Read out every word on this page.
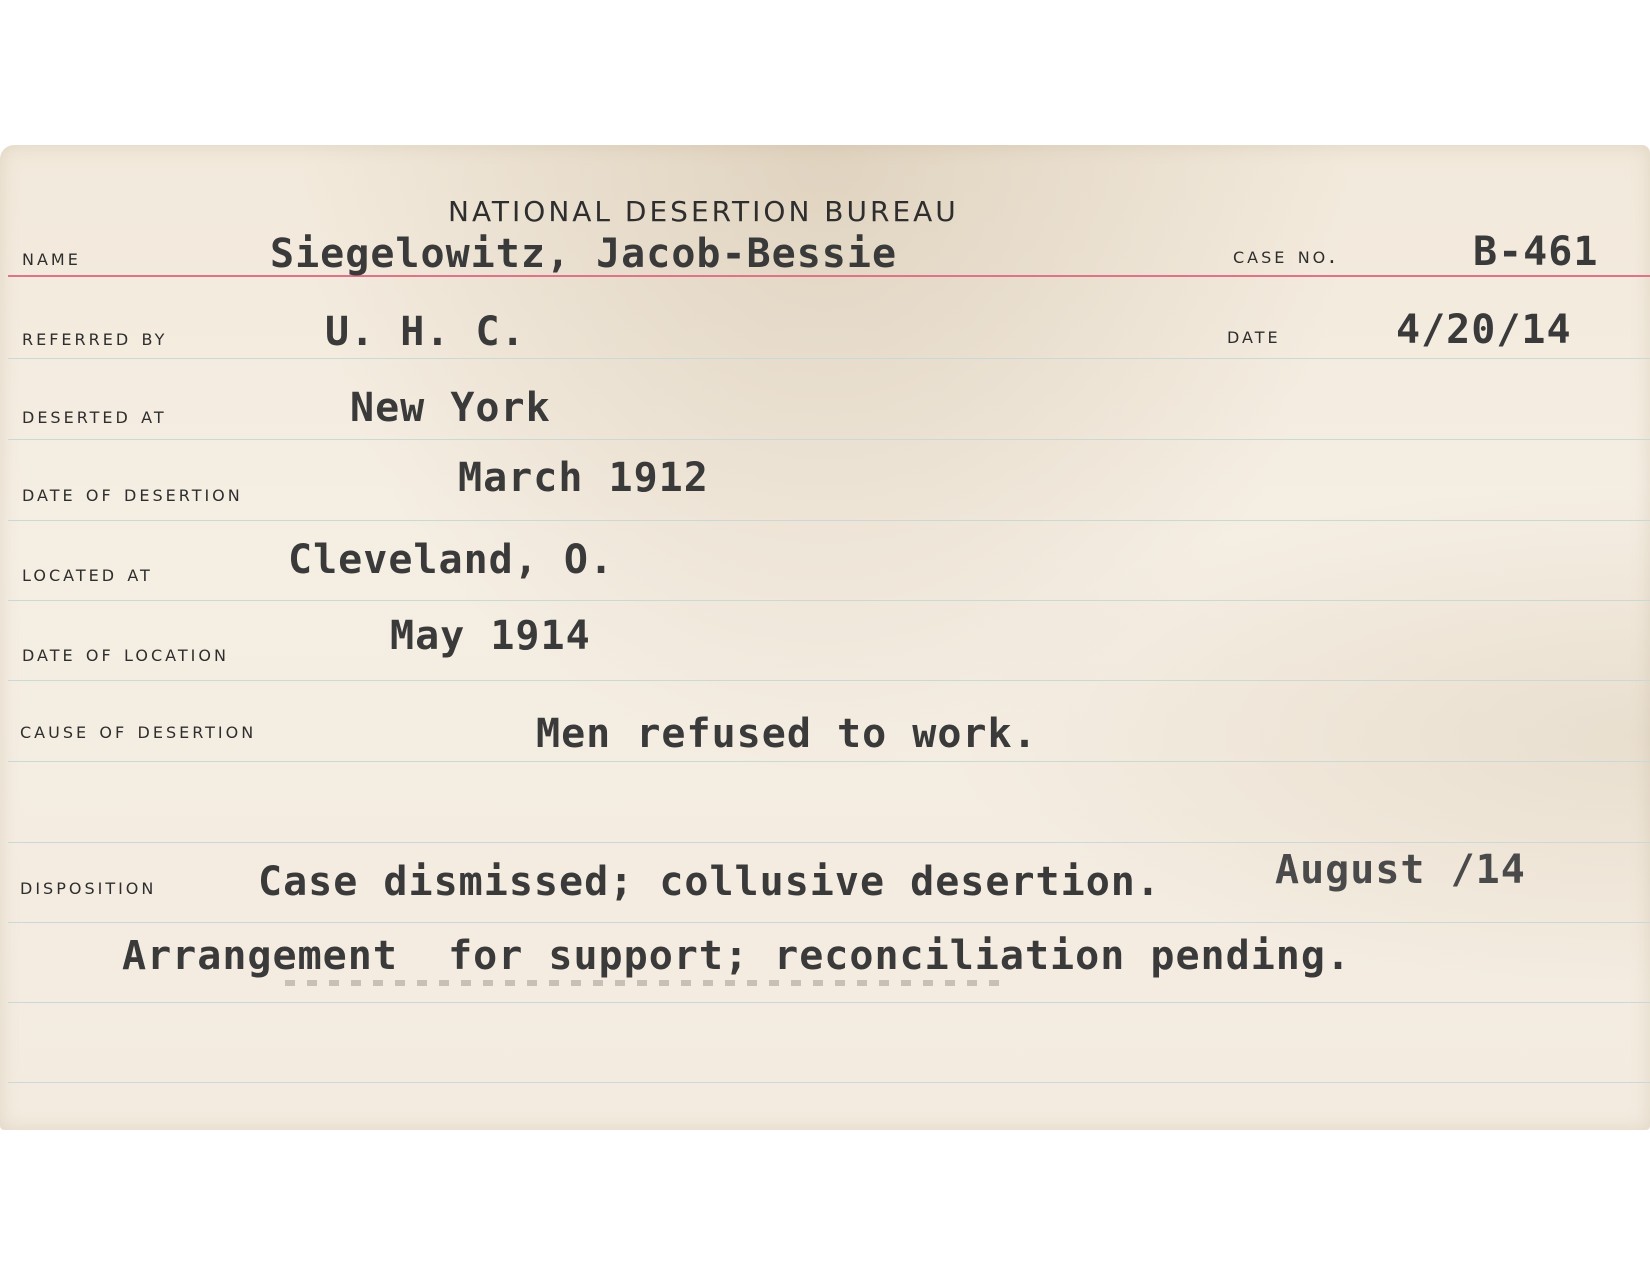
NATIONAL DESERTION BUREAU
name	Siegelowitz, Jacob-Bessie	case no.	B-461
referred by	U. H. C.	date	4/20/14
deserted at	New York
date of desertion	March 1912
located at	Cleveland, O.
date of location	May 1914
cause of desertion	Men refused to work.
disposition	Case dismissed; collusive desertion.	August /14
Arrangement  for support; reconciliation pending.
